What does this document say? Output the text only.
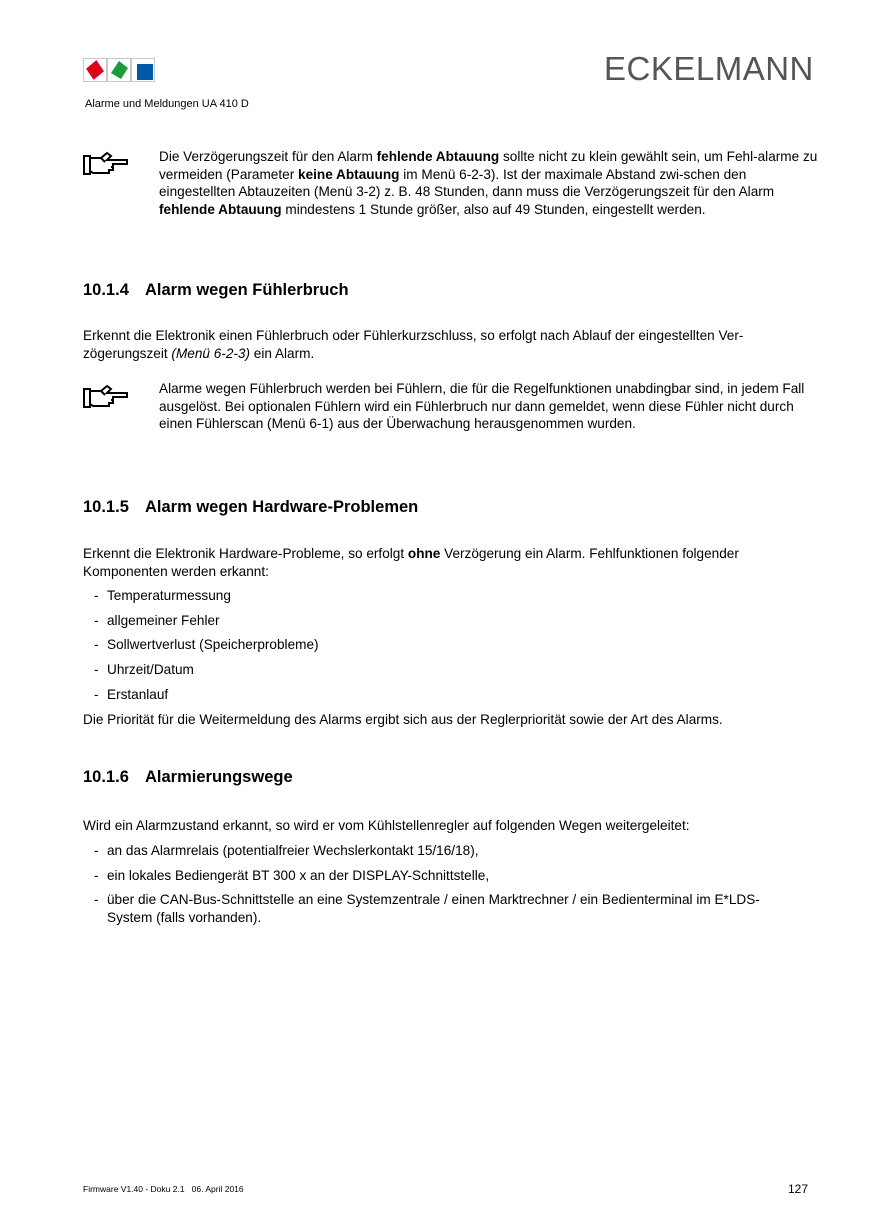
ECKELMANN
Alarme und Meldungen UA 410 D
Die Verzögerungszeit für den Alarm fehlende Abtauung sollte nicht zu klein gewählt sein, um Fehl-alarme zu vermeiden (Parameter keine Abtauung im Menü 6-2-3). Ist der maximale Abstand zwi-schen den eingestellten Abtauzeiten (Menü 3-2) z. B. 48 Stunden, dann muss die Verzögerungszeit für den Alarm fehlende Abtauung mindestens 1 Stunde größer, also auf 49 Stunden, eingestellt werden.
10.1.4 Alarm wegen Fühlerbruch
Erkennt die Elektronik einen Fühlerbruch oder Fühlerkurzschluss, so erfolgt nach Ablauf der eingestellten Ver-zögerungszeit (Menü 6-2-3) ein Alarm.
Alarme wegen Fühlerbruch werden bei Fühlern, die für die Regelfunktionen unabdingbar sind, in jedem Fall ausgelöst. Bei optionalen Fühlern wird ein Fühlerbruch nur dann gemeldet, wenn diese Fühler nicht durch einen Fühlerscan (Menü 6-1) aus der Überwachung herausgenommen wurden.
10.1.5 Alarm wegen Hardware-Problemen
Erkennt die Elektronik Hardware-Probleme, so erfolgt ohne Verzögerung ein Alarm. Fehlfunktionen folgender Komponenten werden erkannt:
- Temperaturmessung
- allgemeiner Fehler
- Sollwertverlust (Speicherprobleme)
- Uhrzeit/Datum
- Erstanlauf
Die Priorität für die Weitermeldung des Alarms ergibt sich aus der Reglerpriorität sowie der Art des Alarms.
10.1.6 Alarmierungswege
Wird ein Alarmzustand erkannt, so wird er vom Kühlstellenregler auf folgenden Wegen weitergeleitet:
- an das Alarmrelais (potentialfreier Wechslerkontakt 15/16/18),
- ein lokales Bediengerät BT 300 x an der DISPLAY-Schnittstelle,
- über die CAN-Bus-Schnittstelle an eine Systemzentrale / einen Marktrechner / ein Bedienterminal im E*LDS-System (falls vorhanden).
Firmware V1.40 - Doku 2.1   06. April 2016	127
